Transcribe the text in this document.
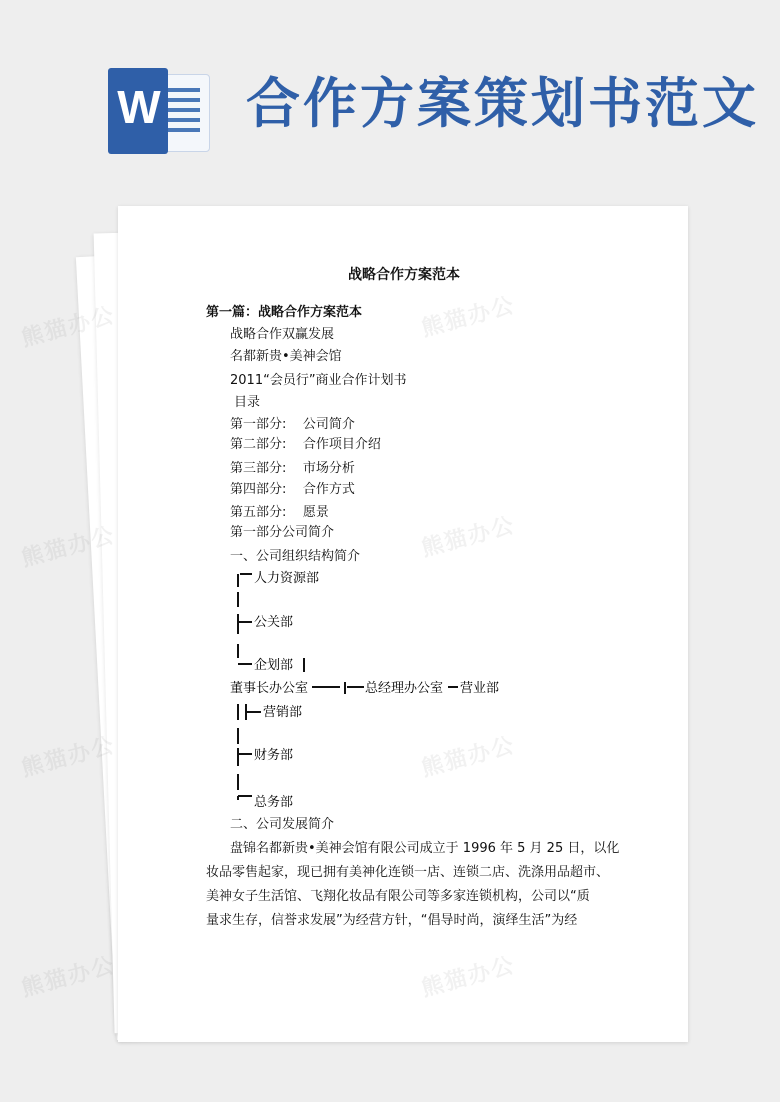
W 合作方案策划书范文
战略合作方案范本
第一篇：战略合作方案范本
战略合作双赢发展
名都新贵•美神会馆
2011“会员行”商业合作计划书
目录
第一部分:    公司简介
第二部分:    合作项目介绍
第三部分:    市场分析
第四部分:    合作方式
第五部分:    愿景
第一部分公司简介
一、公司组织结构简介
人力资源部
公关部
企划部
董事长办公室	总经理办公室 营业部
营销部
财务部
总务部
二、公司发展简介
盘锦名都新贵•美神会馆有限公司成立于 1996 年 5 月 25 日，以化
妆品零售起家，现已拥有美神化连锁一店、连锁二店、洗涤用品超市、
美神女子生活馆、飞翔化妆品有限公司等多家连锁机构，公司以“质
量求生存，信誉求发展”为经营方针，“倡导时尚，演绎生活”为经
熊猫办公	熊猫办公
熊猫办公	熊猫办公
熊猫办公	熊猫办公
熊猫办公	熊猫办公
